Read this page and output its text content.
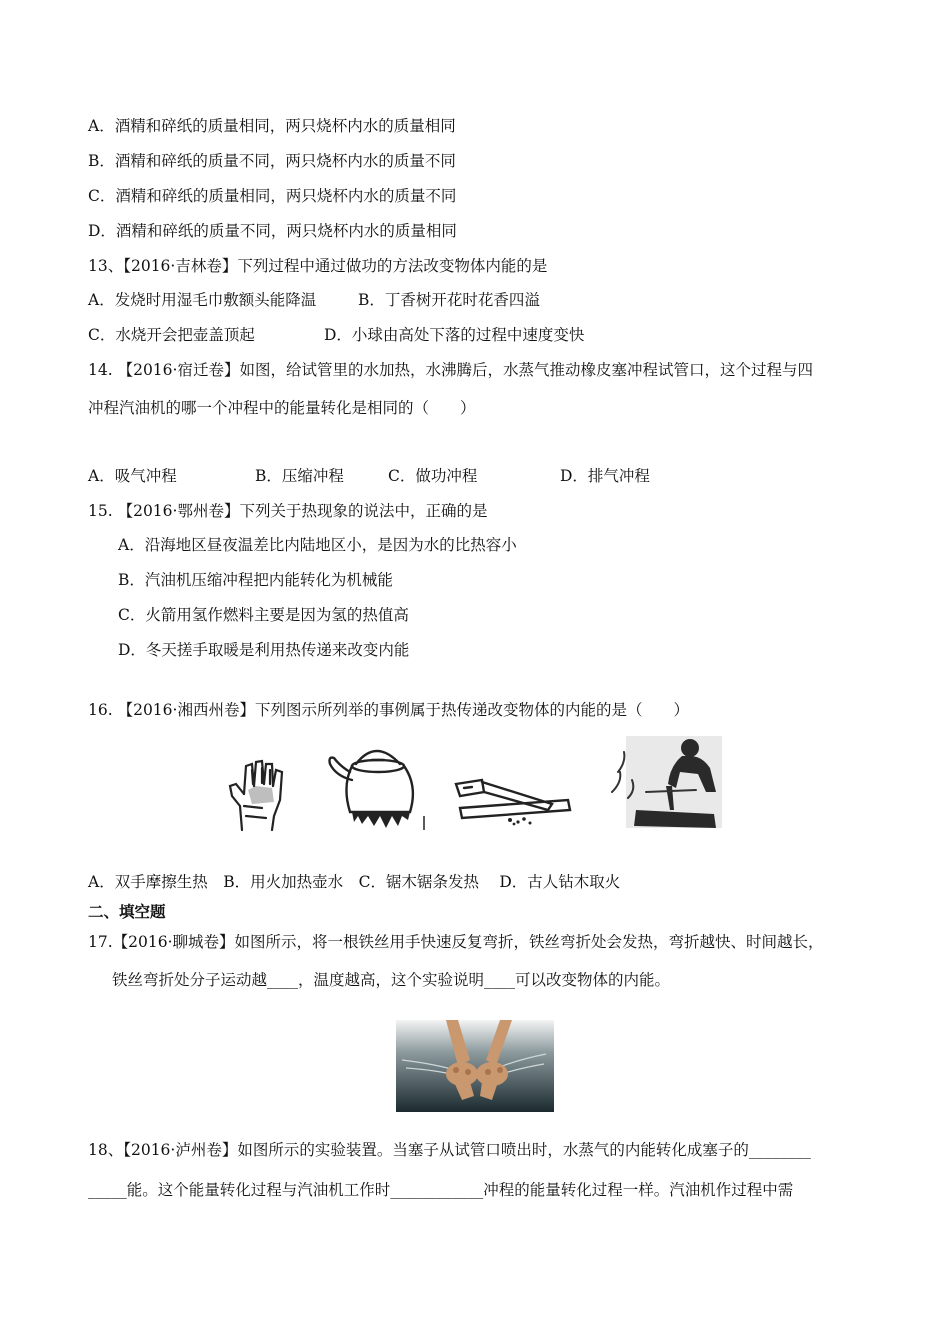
A．酒精和碎纸的质量相同，两只烧杯内水的质量相同
B．酒精和碎纸的质量不同，两只烧杯内水的质量不同
C．酒精和碎纸的质量相同，两只烧杯内水的质量不同
D．酒精和碎纸的质量不同，两只烧杯内水的质量相同
13、【2016·吉林卷】下列过程中通过做功的方法改变物体内能的是
A．发烧时用湿毛巾敷额头能降温	B．丁香树开花时花香四溢
C．水烧开会把壶盖顶起	D．小球由高处下落的过程中速度变快
14. 【2016·宿迁卷】如图，给试管里的水加热，水沸腾后，水蒸气推动橡皮塞冲程试管口，这个过程与四
冲程汽油机的哪一个冲程中的能量转化是相同的（　　）
A．吸气冲程	B．压缩冲程	C．做功冲程	D．排气冲程
15. 【2016·鄂州卷】下列关于热现象的说法中，正确的是
A．沿海地区昼夜温差比内陆地区小，是因为水的比热容小
B．汽油机压缩冲程把内能转化为机械能
C．火箭用氢作燃料主要是因为氢的热值高
D．冬天搓手取暖是利用热传递来改变内能
16. 【2016·湘西州卷】下列图示所列举的事例属于热传递改变物体的内能的是（　　）
A．双手摩擦生热　B．用火加热壶水　C．锯木锯条发热　 D．古人钻木取火
二、填空题
17.【2016·聊城卷】如图所示，将一根铁丝用手快速反复弯折，铁丝弯折处会发热，弯折越快、时间越长，
铁丝弯折处分子运动越____，温度越高，这个实验说明____可以改变物体的内能。
18、【2016·泸州卷】如图所示的实验装置。当塞子从试管口喷出时，水蒸气的内能转化成塞子的________
_____能。这个能量转化过程与汽油机工作时____________冲程的能量转化过程一样。汽油机作过程中需
